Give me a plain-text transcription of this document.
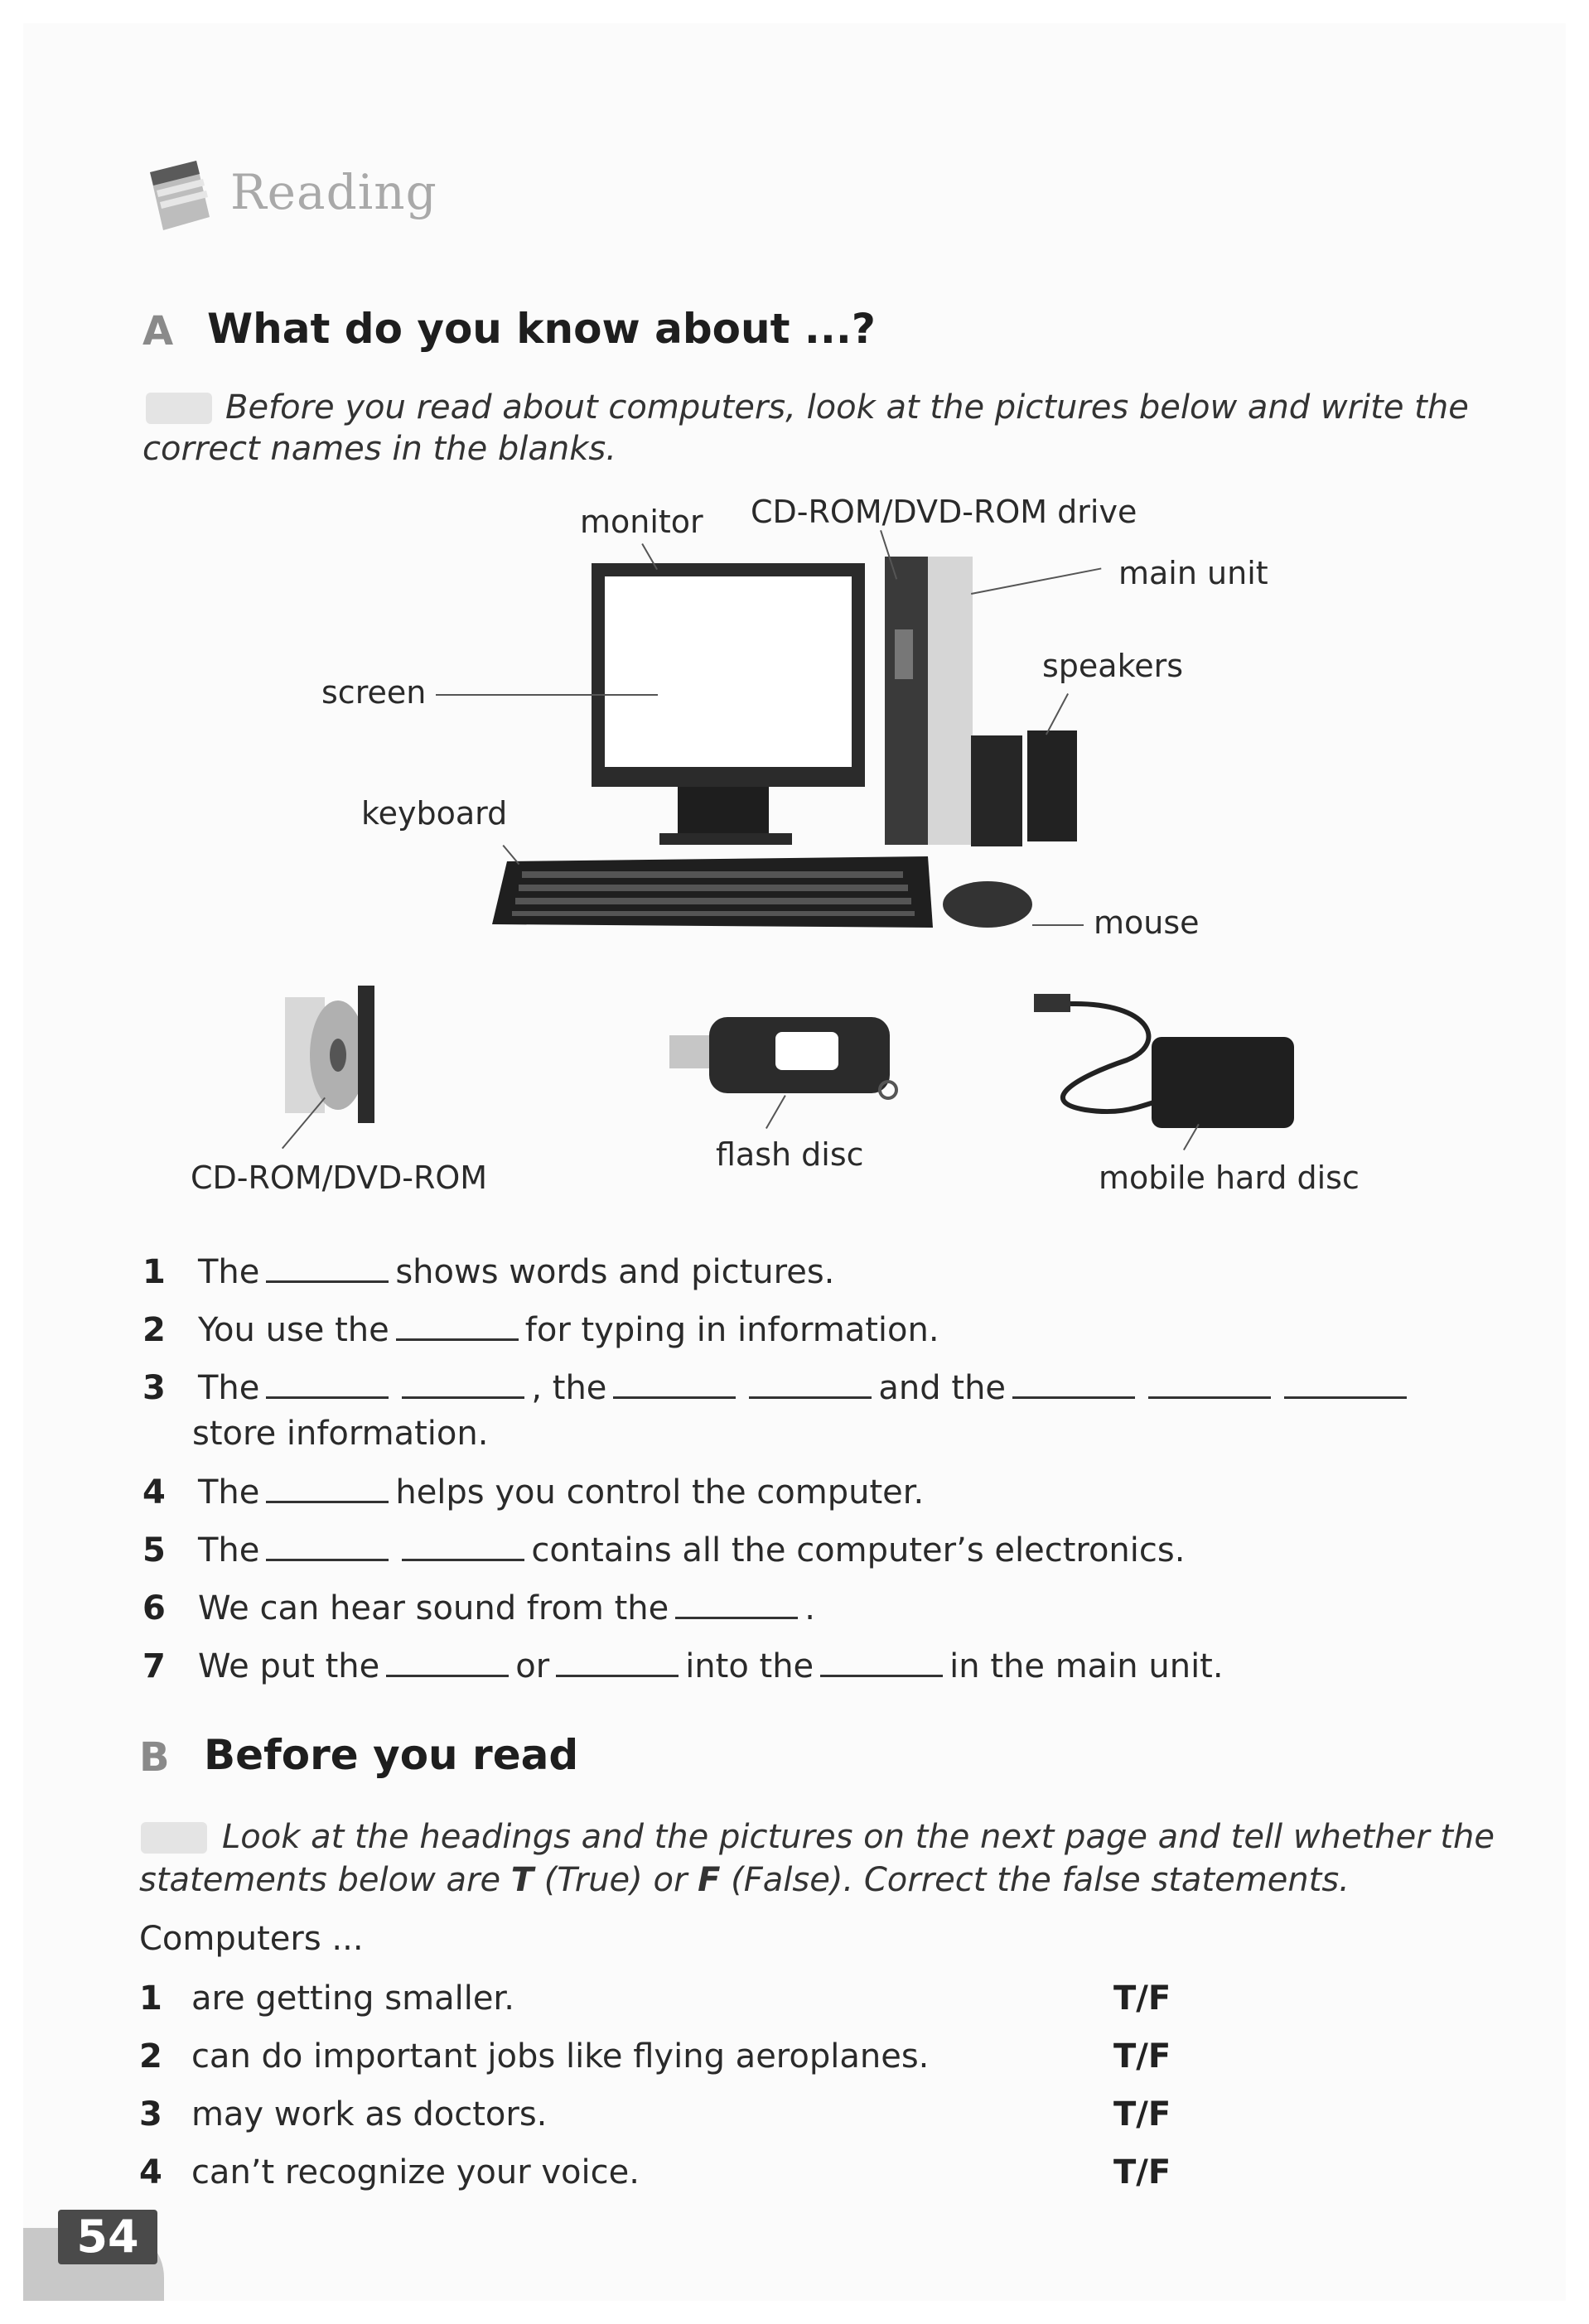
Reading
A What do you know about ...?
Before you read about computers, look at the pictures below and write the
correct names in the blanks.
monitor CD-ROM/DVD-ROM drive
main unit
screen
speakers
keyboard
mouse
CD-ROM/DVD-ROM
flash disc
mobile hard disc
1 The	shows words and pictures.
2 You use the	for typing in information.
3 The	, the	and the
store information.
4 The	helps you control the computer.
5 The	contains all the computer’s electronics.
6 We can hear sound from the	.
7 We put the	or	into the	in the main unit.
B Before you read
Look at the headings and the pictures on the next page and tell whether the
statements below are T (True) or F (False). Correct the false statements.
Computers ...
1 are getting smaller.	T/F
2 can do important jobs like flying aeroplanes.	T/F
3 may work as doctors.	T/F
4 can’t recognize your voice.	T/F
54
